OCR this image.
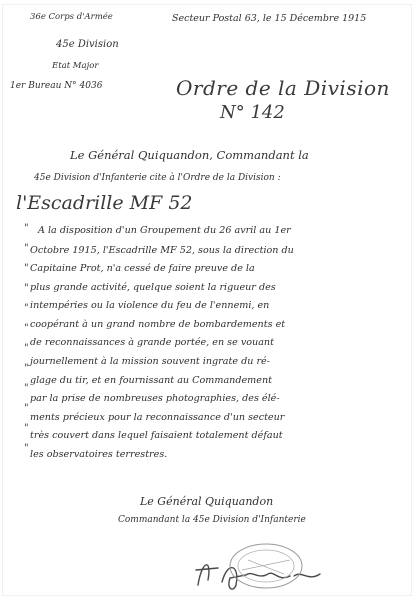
36e Corps d'Armée
45e Division
Etat Major
1er Bureau N° 4036
Secteur Postal 63, le 15 Décembre 1915
Ordre de la Division
N° 142
Le Général Quiquandon, Commandant la
45e Division d'Infanterie cite à l'Ordre de la Division :
l'Escadrille MF 52
"
"
"
"
"
"
"
"
"
"
"
"
A la disposition d'un Groupement du 26 avril au 1er
Octobre 1915, l'Escadrille MF 52, sous la direction du
Capitaine Prot, n'a cessé de faire preuve de la
plus grande activité, quelque soient la rigueur des
intempéries ou la violence du feu de l'ennemi, en
coopérant à un grand nombre de bombardements et
de reconnaissances à grande portée, en se vouant
journellement à la mission souvent ingrate du ré-
glage du tir, et en fournissant au Commandement
par la prise de nombreuses photographies, des élé-
ments précieux pour la reconnaissance d'un secteur
très couvert dans lequel faisaient totalement défaut
les observatoires terrestres.
Le Général Quiquandon
Commandant la 45e Division d'Infanterie
